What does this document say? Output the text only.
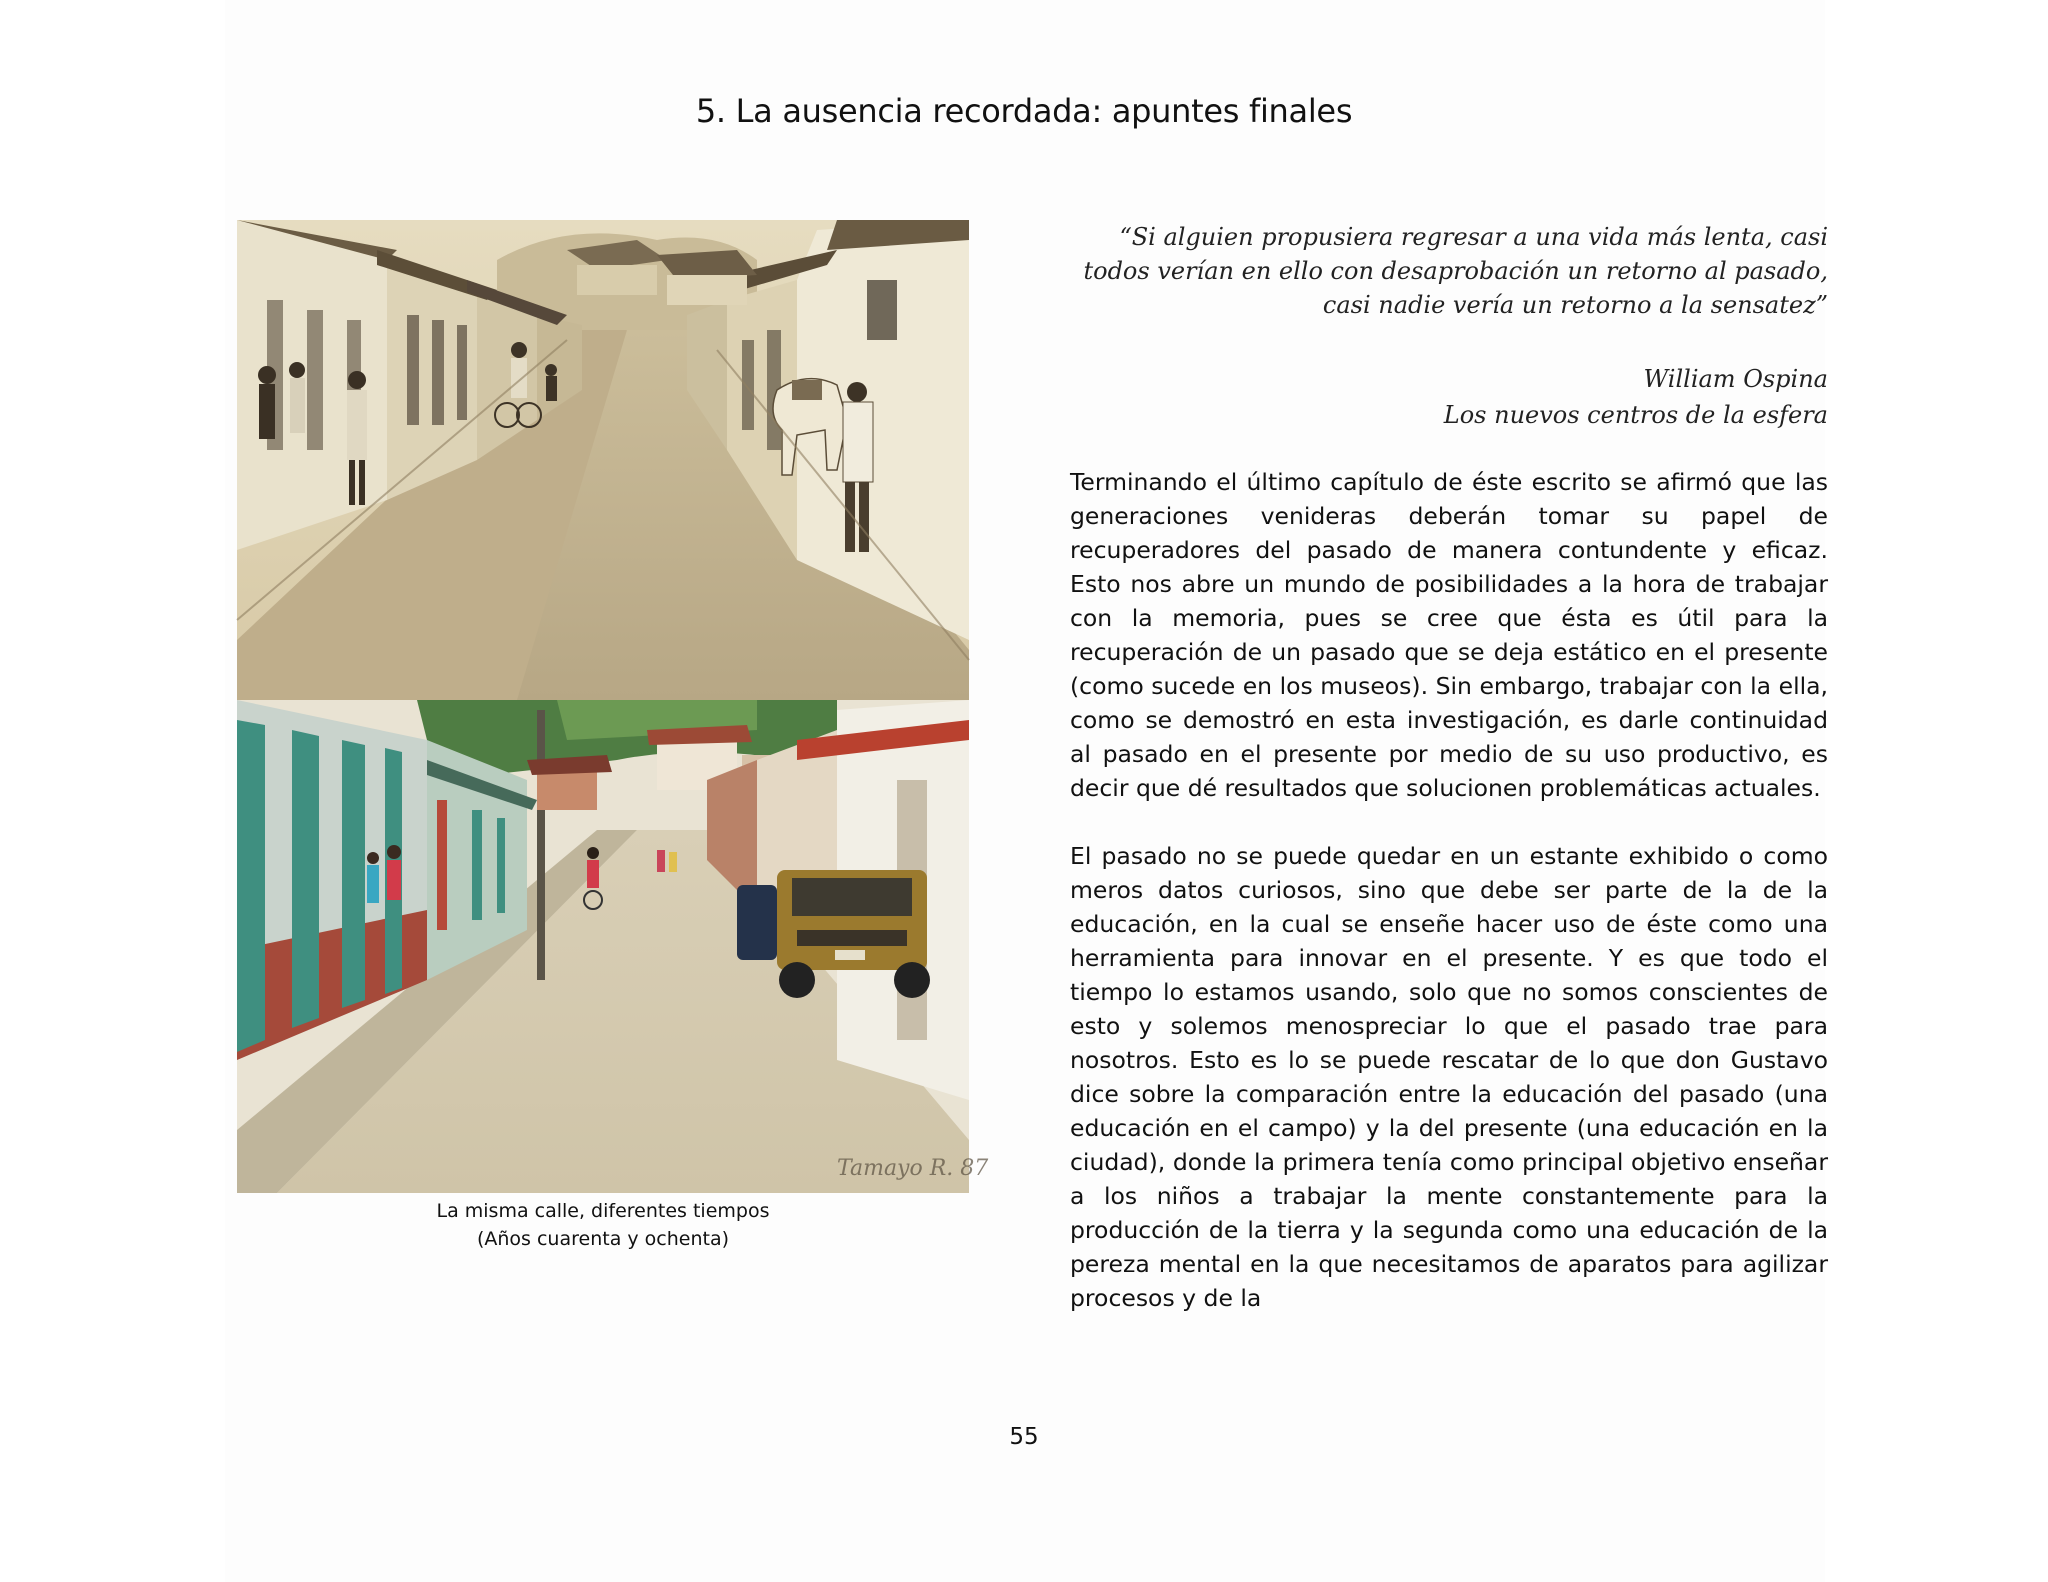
5. La ausencia recordada: apuntes finales
Tamayo R. 87
La misma calle, diferentes tiempos
(Años cuarenta y ochenta)
“Si alguien propusiera regresar a una vida más lenta, casi todos verían en ello con desaprobación un retorno al pasado, casi nadie vería un retorno a la sensatez”
William Ospina
Los nuevos centros de la esfera

Terminando el último capítulo de éste escrito se afirmó que las generaciones venideras deberán tomar su papel de recuperadores del pasado de manera contundente y eficaz. Esto nos abre un mundo de posibilidades a la hora de trabajar con la memoria, pues se cree que ésta es útil para la recuperación de un pasado que se deja estático en el presente (como sucede en los museos). Sin embargo, trabajar con la ella, como se demostró en esta investigación, es darle continuidad al pasado en el presente por medio de su uso productivo, es decir que dé resultados que solucionen problemáticas actuales.

El pasado no se puede quedar en un estante exhibido o como meros datos curiosos, sino que debe ser parte de la de la educación, en la cual se enseñe hacer uso de éste como una herramienta para innovar en el presente. Y es que todo el tiempo lo estamos usando, solo que no somos conscientes de esto y solemos menospreciar lo que el pasado trae para nosotros. Esto es lo se puede rescatar de lo que don Gustavo dice sobre la comparación entre la educación del pasado (una educación en el campo) y la del presente (una educación en la ciudad), donde la primera tenía como principal objetivo enseñar a los niños a trabajar la mente constantemente para la producción de la tierra y la segunda como una educación de la pereza mental en la que necesitamos de aparatos para agilizar procesos y de la

55
